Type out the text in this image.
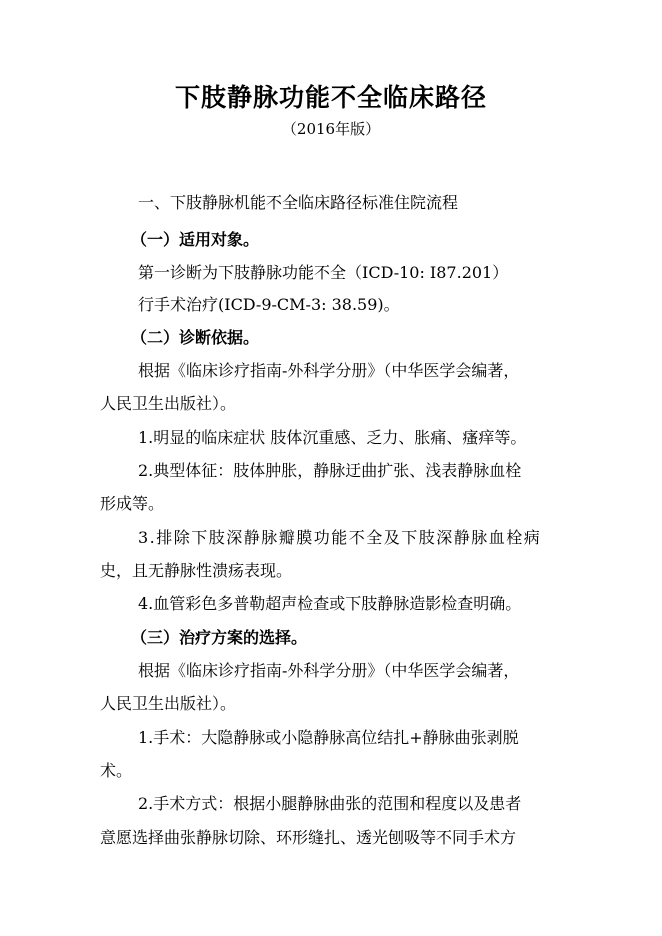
下肢静脉功能不全临床路径
（2016年版）
一、下肢静脉机能不全临床路径标准住院流程
（一）适用对象。
第一诊断为下肢静脉功能不全（ICD-10: I87.201）
行手术治疗(ICD-9-CM-3: 38.59)。
（二）诊断依据。
根据《临床诊疗指南-外科学分册》（中华医学会编著，
人民卫生出版社）。
1.明显的临床症状 肢体沉重感、乏力、胀痛、瘙痒等。
2.典型体征：肢体肿胀，静脉迂曲扩张、浅表静脉血栓
形成等。
3.排除下肢深静脉瓣膜功能不全及下肢深静脉血栓病
史，且无静脉性溃疡表现。
4.血管彩色多普勒超声检查或下肢静脉造影检查明确。
（三）治疗方案的选择。
根据《临床诊疗指南-外科学分册》（中华医学会编著，
人民卫生出版社）。
1.手术：大隐静脉或小隐静脉高位结扎+静脉曲张剥脱
术。
2.手术方式：根据小腿静脉曲张的范围和程度以及患者
意愿选择曲张静脉切除、环形缝扎、透光刨吸等不同手术方
